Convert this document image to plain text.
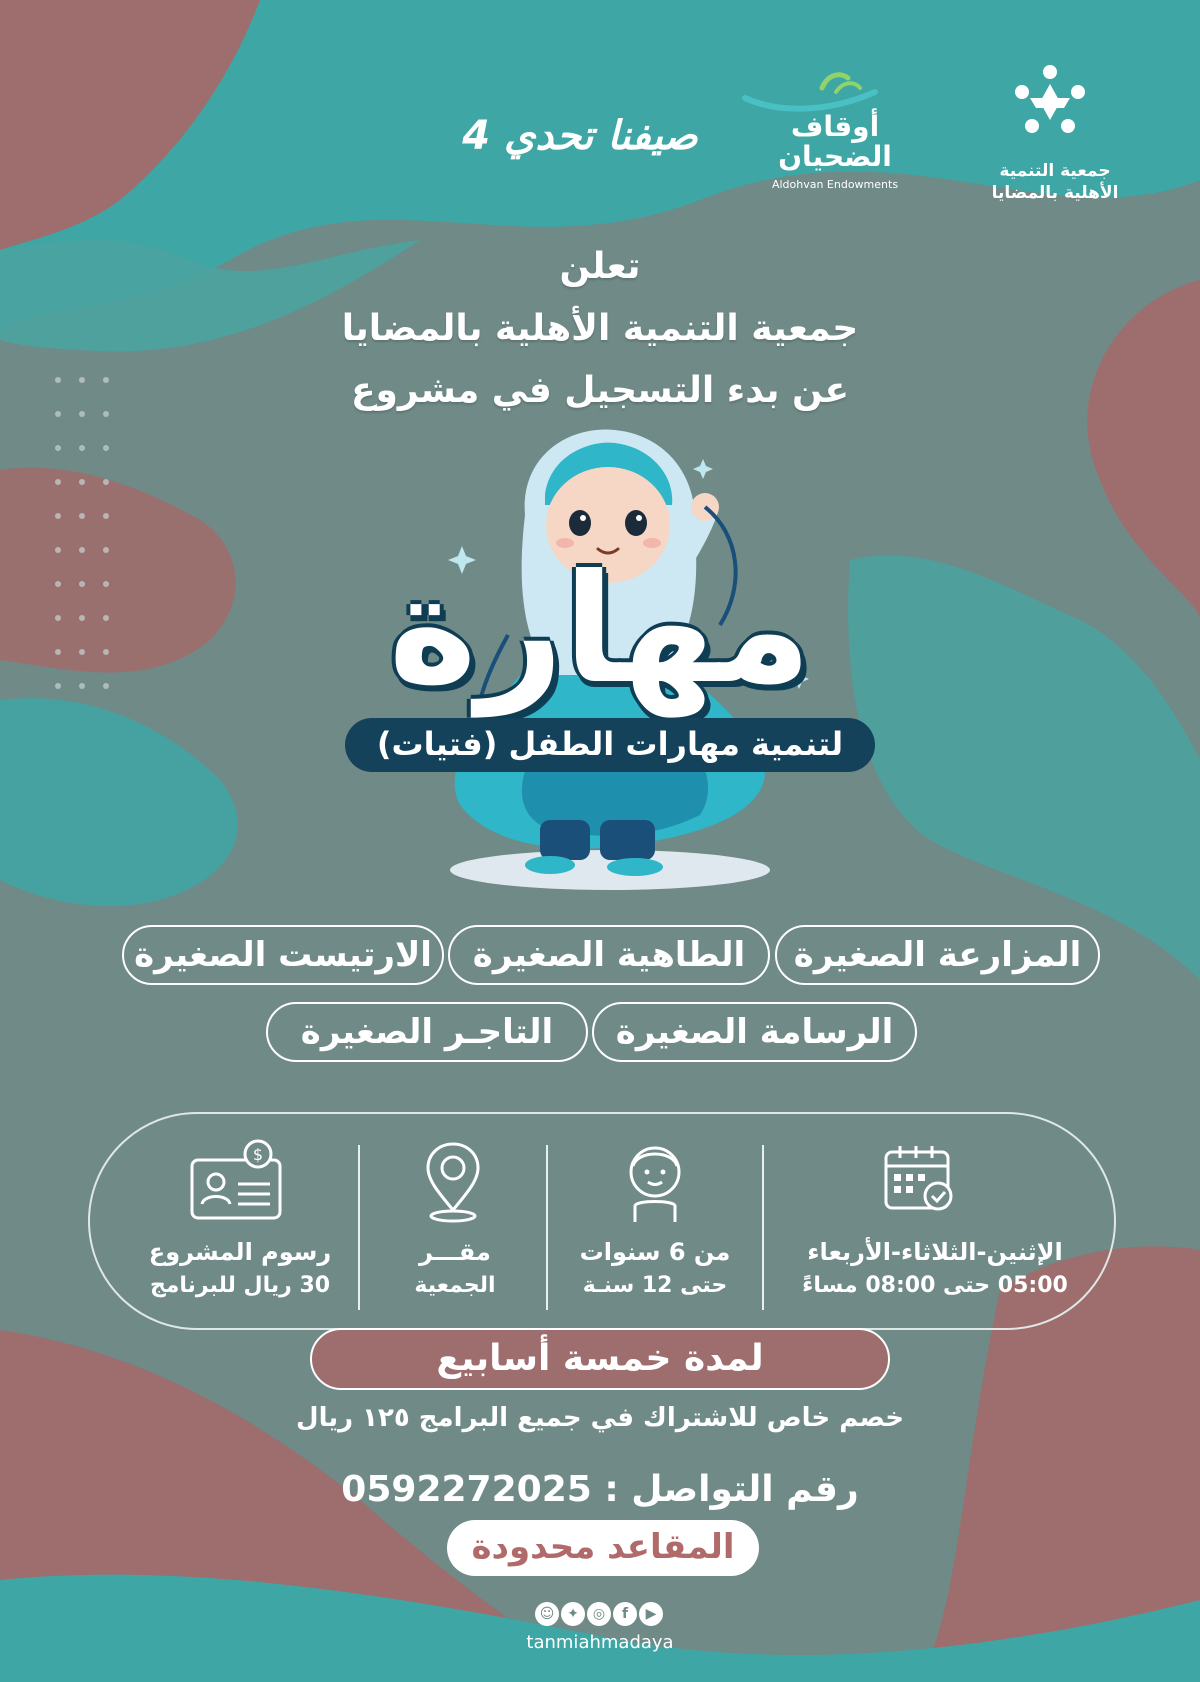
جمعية التنمية
الأهلية بالمضايا
أوقاف
الضحيان
Aldohvan Endowments
صيفنا تحدي 4
تعلن
جمعية التنمية الأهلية بالمضايا
عن بدء التسجيل في مشروع
مهارة
لتنمية مهارات الطفل (فتيات)
المزارعة الصغيرة
الطاهية الصغيرة
الارتيست الصغيرة
الرسامة الصغيرة
التاجـر الصغيرة
الإثنين-الثلاثاء-الأربعاء
05:00 حتى 08:00 مساءً
من 6 سنوات
حتى 12 سنـة
مقـــر
الجمعية
$
رسوم المشروع
30 ريال للبرنامج
لمدة خمسة أسابيع
خصم خاص للاشتراك في جميع البرامج ١٢٥ ريال
رقم التواصل : 0592272025
المقاعد محدودة
☺ ✦	◎	f	▶
tanmiahmadaya
